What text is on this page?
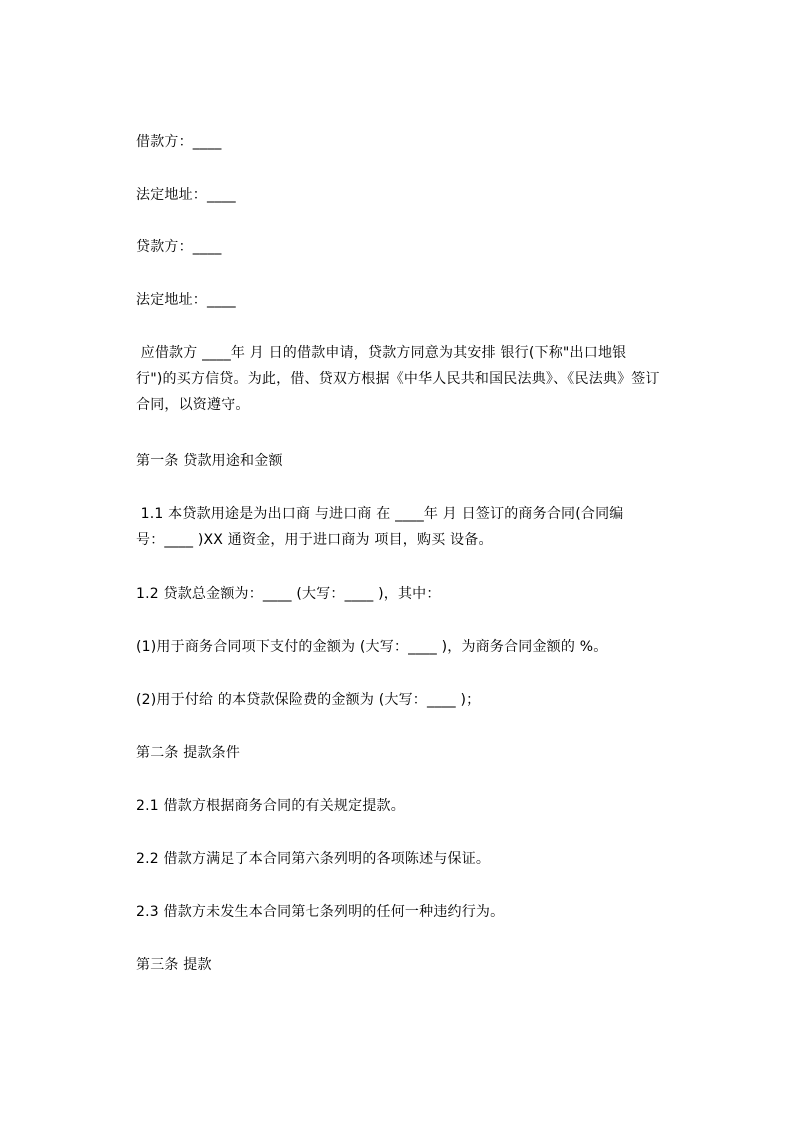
借款方：____
法定地址：____
贷款方：____
法定地址：____
应借款方 ____年 月 日的借款申请，贷款方同意为其安排 银行(下称"出口地银
行")的买方信贷。为此，借、贷双方根据《中华人民共和国民法典》、《民法典》签订
合同，以资遵守。
第一条 贷款用途和金额
1.1 本贷款用途是为出口商 与进口商 在 ____年 月 日签订的商务合同(合同编
号：____ )XX 通资金，用于进口商为 项目，购买 设备。
1.2 贷款总金额为：____ (大写：____ )，其中：
(1)用于商务合同项下支付的金额为 (大写：____ )，为商务合同金额的 %。
(2)用于付给 的本贷款保险费的金额为 (大写：____ )；
第二条 提款条件
2.1 借款方根据商务合同的有关规定提款。
2.2 借款方满足了本合同第六条列明的各项陈述与保证。
2.3 借款方未发生本合同第七条列明的任何一种违约行为。
第三条 提款
